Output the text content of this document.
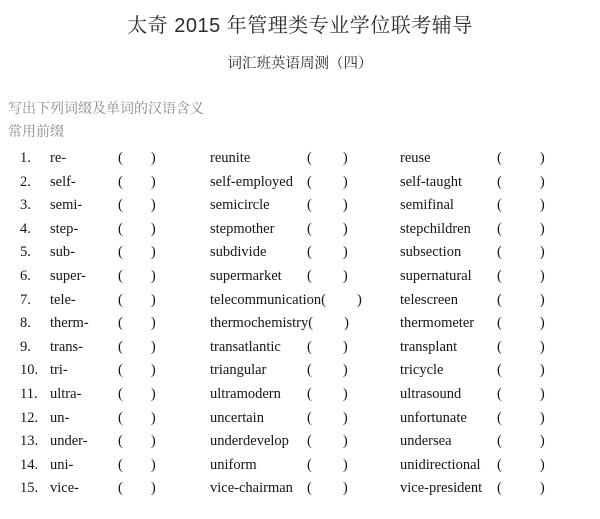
太奇 2015 年管理类专业学位联考辅导
词汇班英语周测（四）

写出下列词缀及单词的汉语含义

常用前缀

1.	re-	( )	reunite	( )	reuse	(	)
2.	self-	( )	self-employed ( )	self-taught	(	)
3.	semi-	( )	semicircle	( )	semifinal	(	)
4.	step-	( )	stepmother	( )	stepchildren	(	)
5.	sub-	( )	subdivide	( )	subsection	(	)
6.	super-	( )	supermarket	( )	supernatural	(	)
7.	tele-	( )	telecommunication ( )	telescreen	(	)
8.	therm-	( )	thermochemistry ( )	thermometer	(	)
9.	trans-	( )	transatlantic	( )	transplant	(	)
10. tri-	( )	triangular	( )	tricycle	(	)
11. ultra-	( )	ultramodern	( )	ultrasound	(	)
12. un-	( )	uncertain	( )	unfortunate	(	)
13. under-	( )	underdevelop	( )	undersea	(	)
14. uni-	( )	uniform	( )	unidirectional	(	)
15. vice-	( )	vice-chairman ( )	vice-president	(	)
